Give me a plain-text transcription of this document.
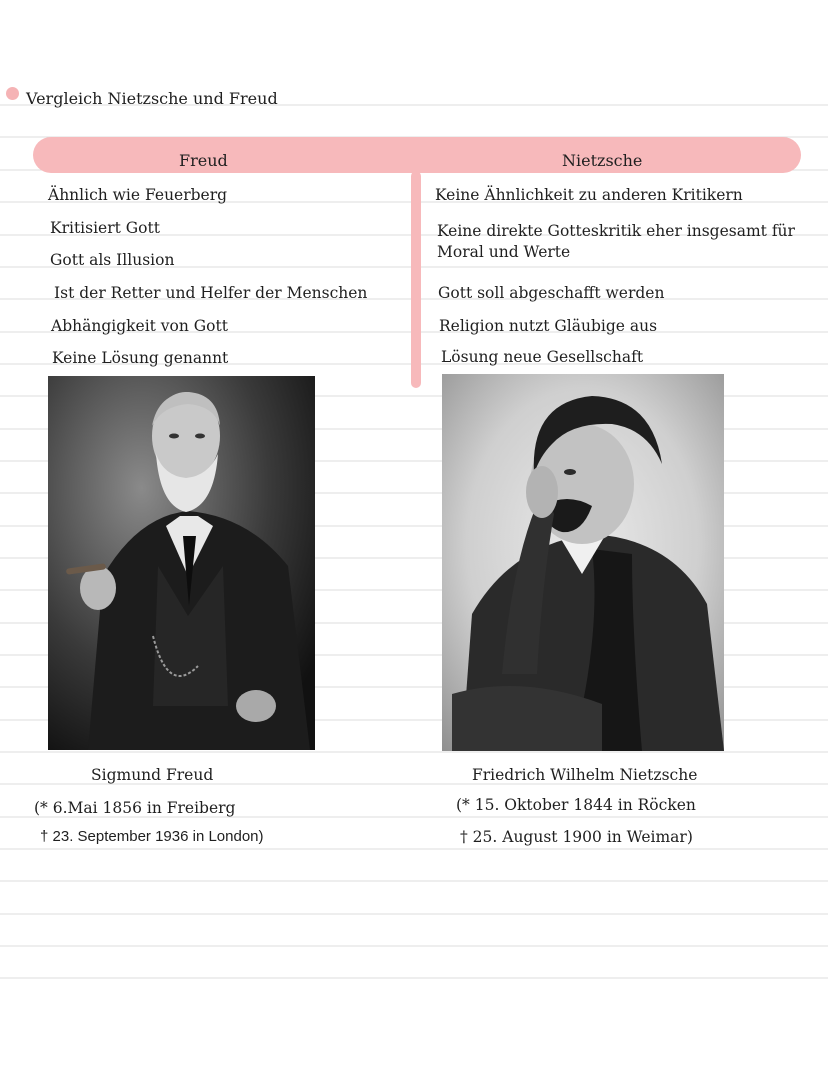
Vergleich Nietzsche und Freud
Freud	Nietzsche
Ähnlich wie Feuerberg
Kritisiert Gott
Gott als Illusion
Ist der Retter und Helfer der Menschen
Abhängigkeit von Gott
Keine Lösung genannt
Keine Ähnlichkeit zu anderen Kritikern
Keine direkte Gotteskritik eher insgesamt für
Moral und Werte
Gott soll abgeschafft werden
Religion nutzt Gläubige aus
Lösung neue Gesellschaft
Sigmund Freud
(* 6.Mai 1856 in Freiberg
† 23. September 1936 in London)
Friedrich Wilhelm Nietzsche
(* 15. Oktober 1844 in Röcken
† 25. August 1900 in Weimar)
